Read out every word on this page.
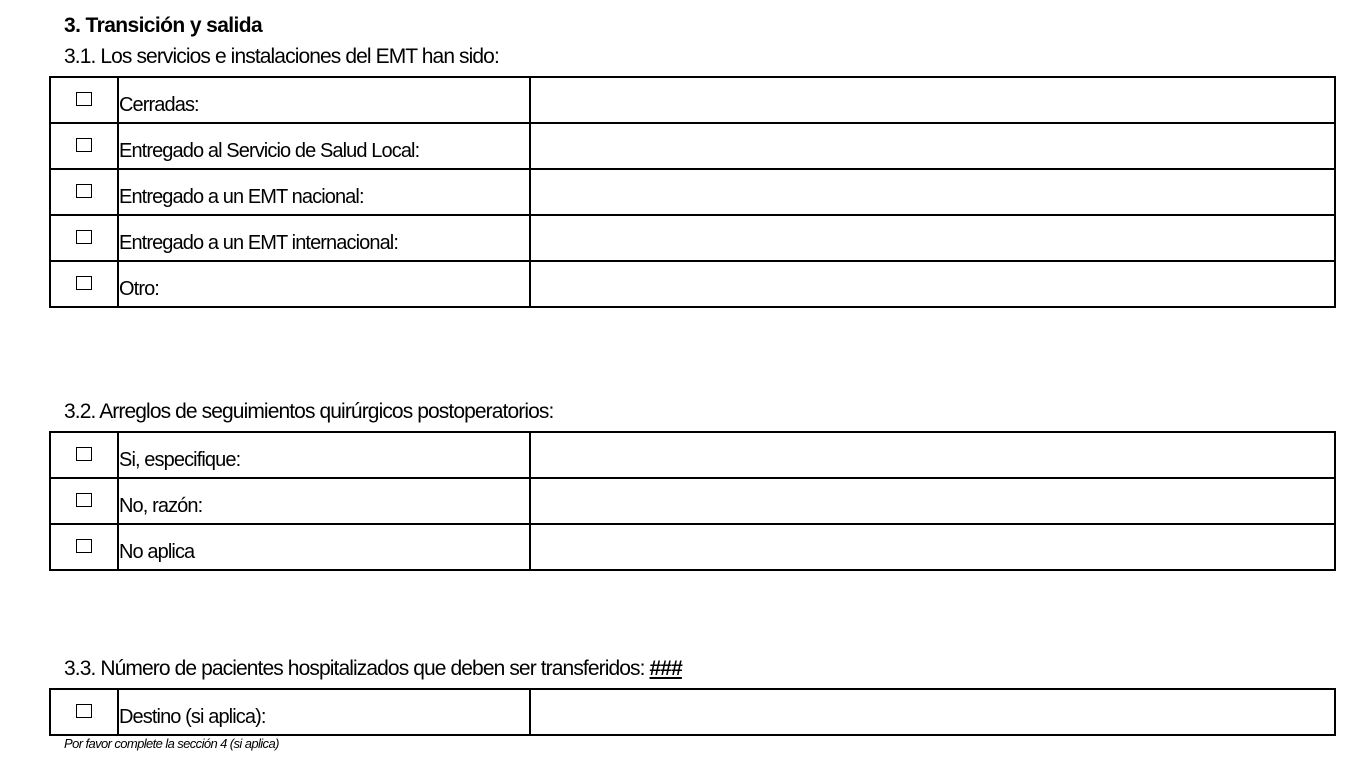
3. Transición y salida
3.1. Los servicios e instalaciones del EMT han sido:
	Cerradas:	
	Entregado al Servicio de Salud Local:	
	Entregado a un EMT nacional:	
	Entregado a un EMT internacional:	
	Otro:	
3.2. Arreglos de seguimientos quirúrgicos postoperatorios:
	Si, especifique:	
	No, razón:	
	No aplica	
3.3. Número de pacientes hospitalizados que deben ser transferidos: ###
	Destino (si aplica):	
Por favor complete la sección 4 (si aplica)
